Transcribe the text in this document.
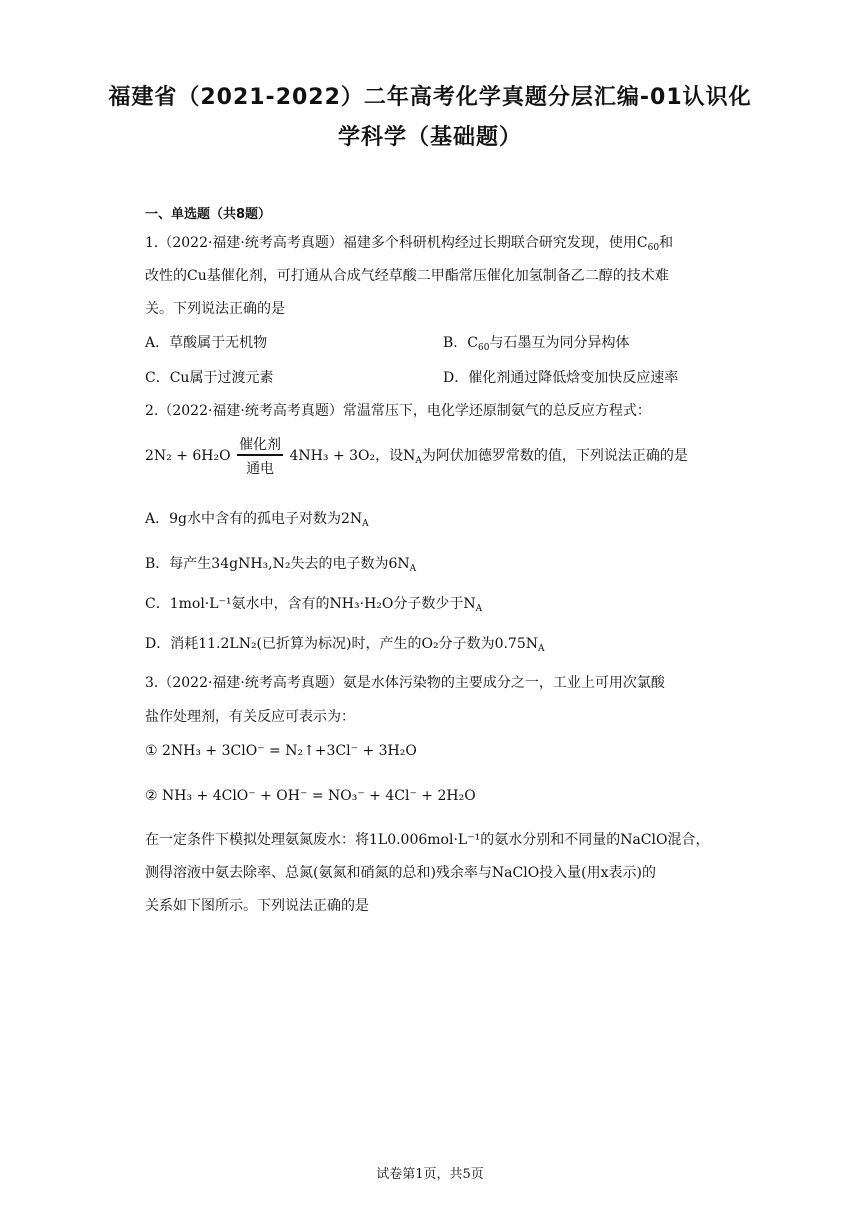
福建省（2021-2022）二年高考化学真题分层汇编-01认识化
学科学（基础题）
一、单选题（共8题）
1.（2022·福建·统考高考真题）福建多个科研机构经过长期联合研究发现，使用$C_{60}$和
改性的Cu基催化剂，可打通从合成气经草酸二甲酯常压催化加氢制备乙二醇的技术难
关。下列说法正确的是
A．草酸属于无机物	B．$C_{60}$与石墨互为同分异构体
C．Cu属于过渡元素	D．催化剂通过降低焓变加快反应速率
2.（2022·福建·统考高考真题）常温常压下，电化学还原制氨气的总反应方程式：
$2N_2 + 6H_2O \frac{\text{催化剂}}{\text{通电}} 4NH_3 + 3O_2$，设$N_A$为阿伏加德罗常数的值，下列说法正确的是
A．9g水中含有的孤电子对数为$2N_A$
B．每产生34gNH₃,N₂失去的电子数为$6N_A$
C．1mol·L⁻¹氨水中，含有的NH₃·H₂O分子数少于$N_A$
D．消耗11.2LN₂(已折算为标况)时，产生的O₂分子数为$0.75N_A$
3.（2022·福建·统考高考真题）氨是水体污染物的主要成分之一，工业上可用次氯酸
盐作处理剂，有关反应可表示为：
① 2NH₃ + 3ClO⁻ = N₂↑+3Cl⁻ + 3H₂O
② NH₃ + 4ClO⁻ + OH⁻ = NO₃⁻ + 4Cl⁻ + 2H₂O
在一定条件下模拟处理氨氮废水：将1L0.006mol·L⁻¹的氨水分别和不同量的NaClO混合，
测得溶液中氨去除率、总氮(氨氮和硝氮的总和)残余率与NaClO投入量(用x表示)的
关系如下图所示。下列说法正确的是
试卷第1页，共5页
